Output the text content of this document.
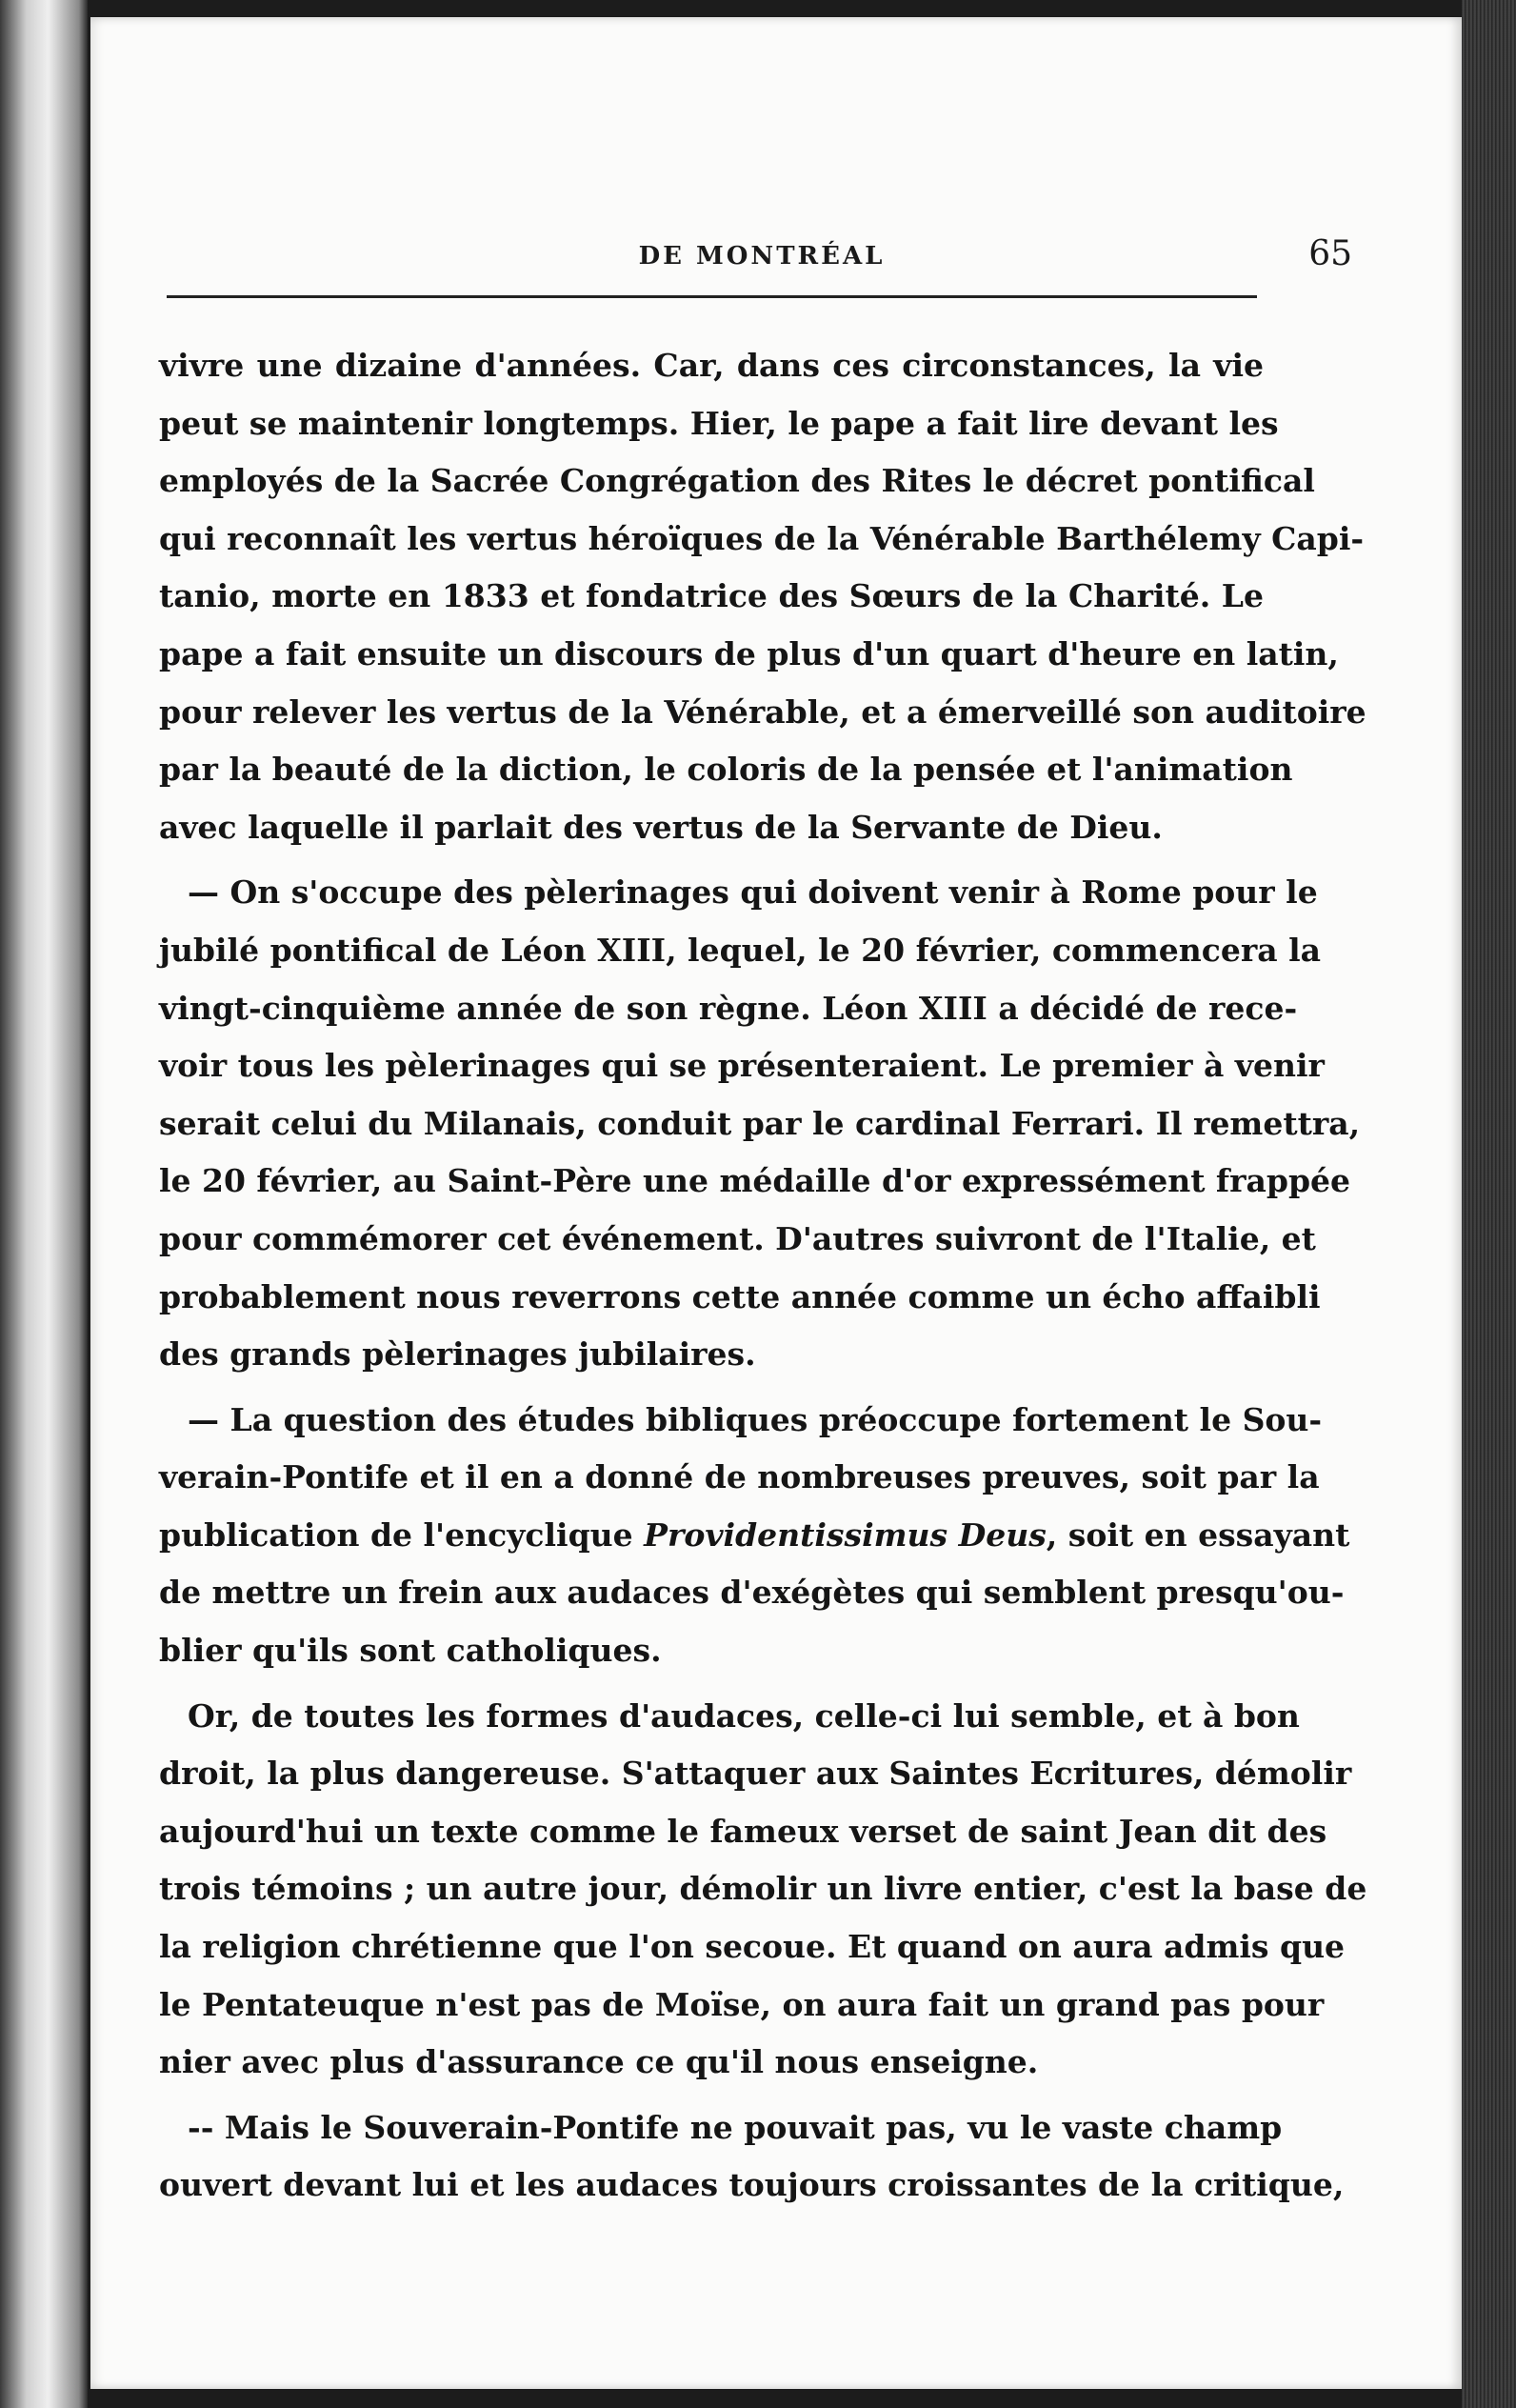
DE MONTRÉAL	65
vivre une dizaine d'années. Car, dans ces circonstances, la vie
peut se maintenir longtemps. Hier, le pape a fait lire devant les
employés de la Sacrée Congrégation des Rites le décret pontifical
qui reconnaît les vertus héroïques de la Vénérable Barthélemy Capi-
tanio, morte en 1833 et fondatrice des Sœurs de la Charité. Le
pape a fait ensuite un discours de plus d'un quart d'heure en latin,
pour relever les vertus de la Vénérable, et a émerveillé son auditoire
par la beauté de la diction, le coloris de la pensée et l'animation
avec laquelle il parlait des vertus de la Servante de Dieu.
— On s'occupe des pèlerinages qui doivent venir à Rome pour le
jubilé pontifical de Léon XIII, lequel, le 20 février, commencera la
vingt-cinquième année de son règne. Léon XIII a décidé de rece-
voir tous les pèlerinages qui se présenteraient. Le premier à venir
serait celui du Milanais, conduit par le cardinal Ferrari. Il remettra,
le 20 février, au Saint-Père une médaille d'or expressément frappée
pour commémorer cet événement. D'autres suivront de l'Italie, et
probablement nous reverrons cette année comme un écho affaibli
des grands pèlerinages jubilaires.
— La question des études bibliques préoccupe fortement le Sou-
verain-Pontife et il en a donné de nombreuses preuves, soit par la
publication de l'encyclique Providentissimus Deus, soit en essayant
de mettre un frein aux audaces d'exégètes qui semblent presqu'ou-
blier qu'ils sont catholiques.
Or, de toutes les formes d'audaces, celle-ci lui semble, et à bon
droit, la plus dangereuse. S'attaquer aux Saintes Ecritures, démolir
aujourd'hui un texte comme le fameux verset de saint Jean dit des
trois témoins ; un autre jour, démolir un livre entier, c'est la base de
la religion chrétienne que l'on secoue. Et quand on aura admis que
le Pentateuque n'est pas de Moïse, on aura fait un grand pas pour
nier avec plus d'assurance ce qu'il nous enseigne.
-- Mais le Souverain-Pontife ne pouvait pas, vu le vaste champ
ouvert devant lui et les audaces toujours croissantes de la critique,
